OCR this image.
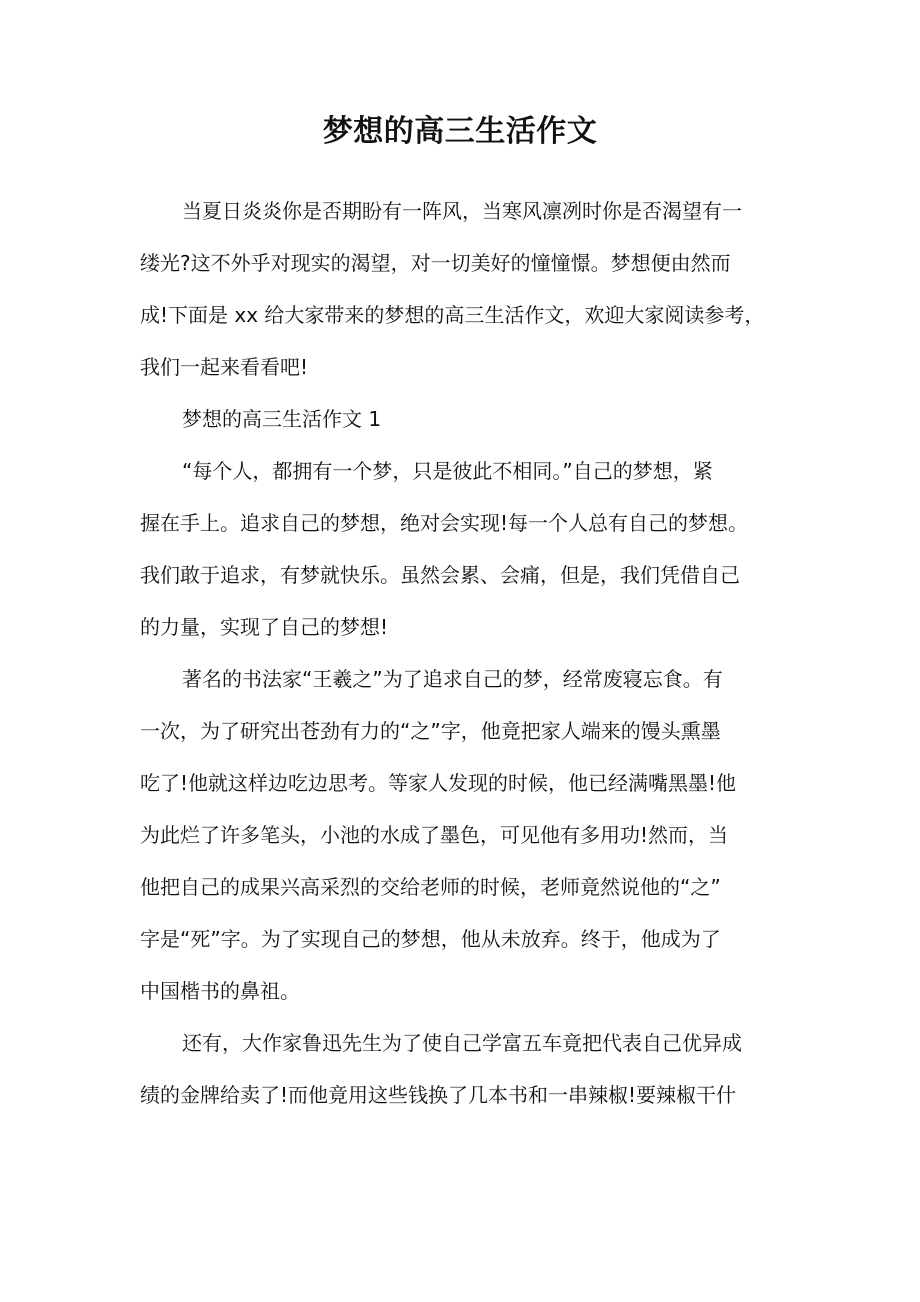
梦想的高三生活作文

当夏日炎炎你是否期盼有一阵风，当寒风凛冽时你是否渴望有一

缕光?这不外乎对现实的渴望，对一切美好的憧憧憬。梦想便由然而

成!下面是 xx 给大家带来的梦想的高三生活作文，欢迎大家阅读参考，

我们一起来看看吧!

梦想的高三生活作文 1

“每个人，都拥有一个梦，只是彼此不相同。”自己的梦想，紧

握在手上。追求自己的梦想，绝对会实现!每一个人总有自己的梦想。

我们敢于追求，有梦就快乐。虽然会累、会痛，但是，我们凭借自己

的力量，实现了自己的梦想!

著名的书法家“王羲之”为了追求自己的梦，经常废寝忘食。有

一次，为了研究出苍劲有力的“之”字，他竟把家人端来的馒头熏墨

吃了!他就这样边吃边思考。等家人发现的时候，他已经满嘴黑墨!他

为此烂了许多笔头，小池的水成了墨色，可见他有多用功!然而，当

他把自己的成果兴高采烈的交给老师的时候，老师竟然说他的“之”

字是“死”字。为了实现自己的梦想，他从未放弃。终于，他成为了

中国楷书的鼻祖。

还有，大作家鲁迅先生为了使自己学富五车竟把代表自己优异成

绩的金牌给卖了!而他竟用这些钱换了几本书和一串辣椒!要辣椒干什
